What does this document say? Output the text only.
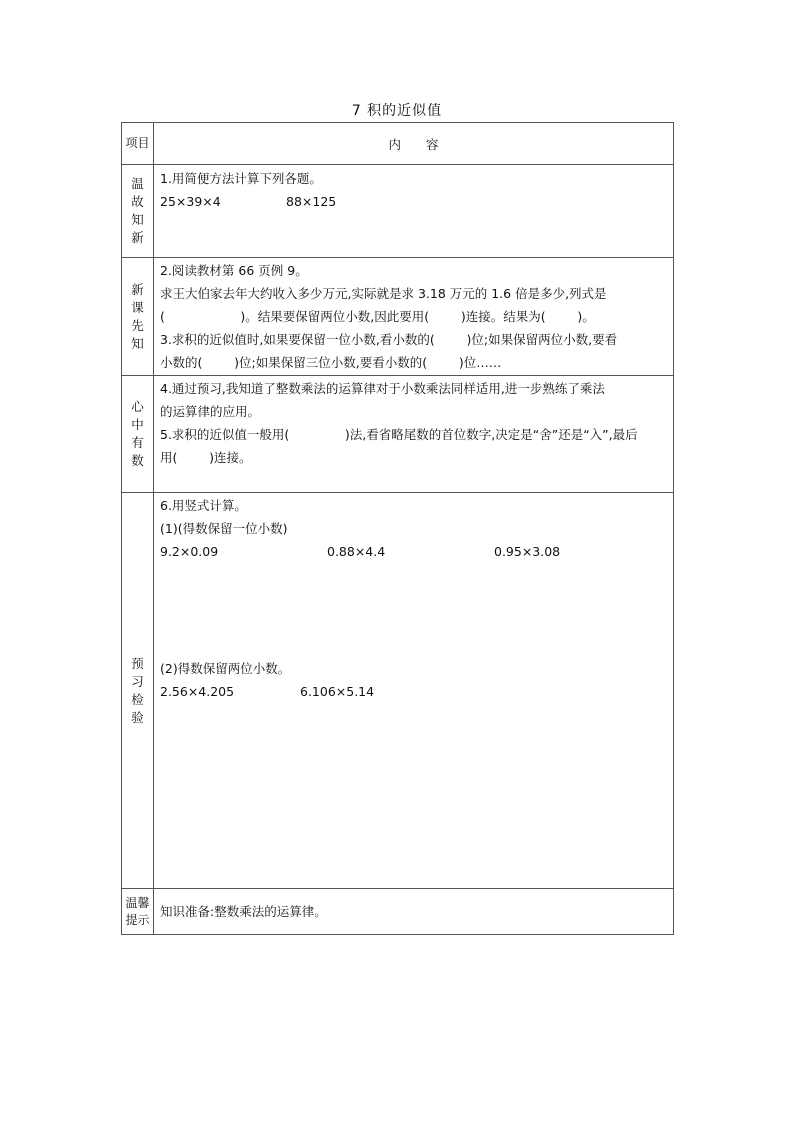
7 积的近似值
项目	内　　容

温故知新	1.用简便方法计算下列各题。
25×39×4 88×125

新课先知	2.阅读教材第 66 页例 9。
求王大伯家去年大约收入多少万元,实际就是求 3.18 万元的 1.6 倍是多少,列式是
(                   )。结果要保留两位小数,因此要用(        )连接。结果为(        )。
3.求积的近似值时,如果要保留一位小数,看小数的(        )位;如果保留两位小数,要看
小数的(        )位;如果保留三位小数,要看小数的(        )位……

心中有数	4.通过预习,我知道了整数乘法的运算律对于小数乘法同样适用,进一步熟练了乘法
的运算律的应用。
5.求积的近似值一般用(              )法,看省略尾数的首位数字,决定是“舍”还是“入”,最后
用(        )连接。

预习检验	6.用竖式计算。
(1)(得数保留一位小数)
9.2×0.09 0.88×4.4 0.95×3.08
(2)得数保留两位小数。
2.56×4.205 6.106×5.14

温馨提示	知识准备:整数乘法的运算律。
